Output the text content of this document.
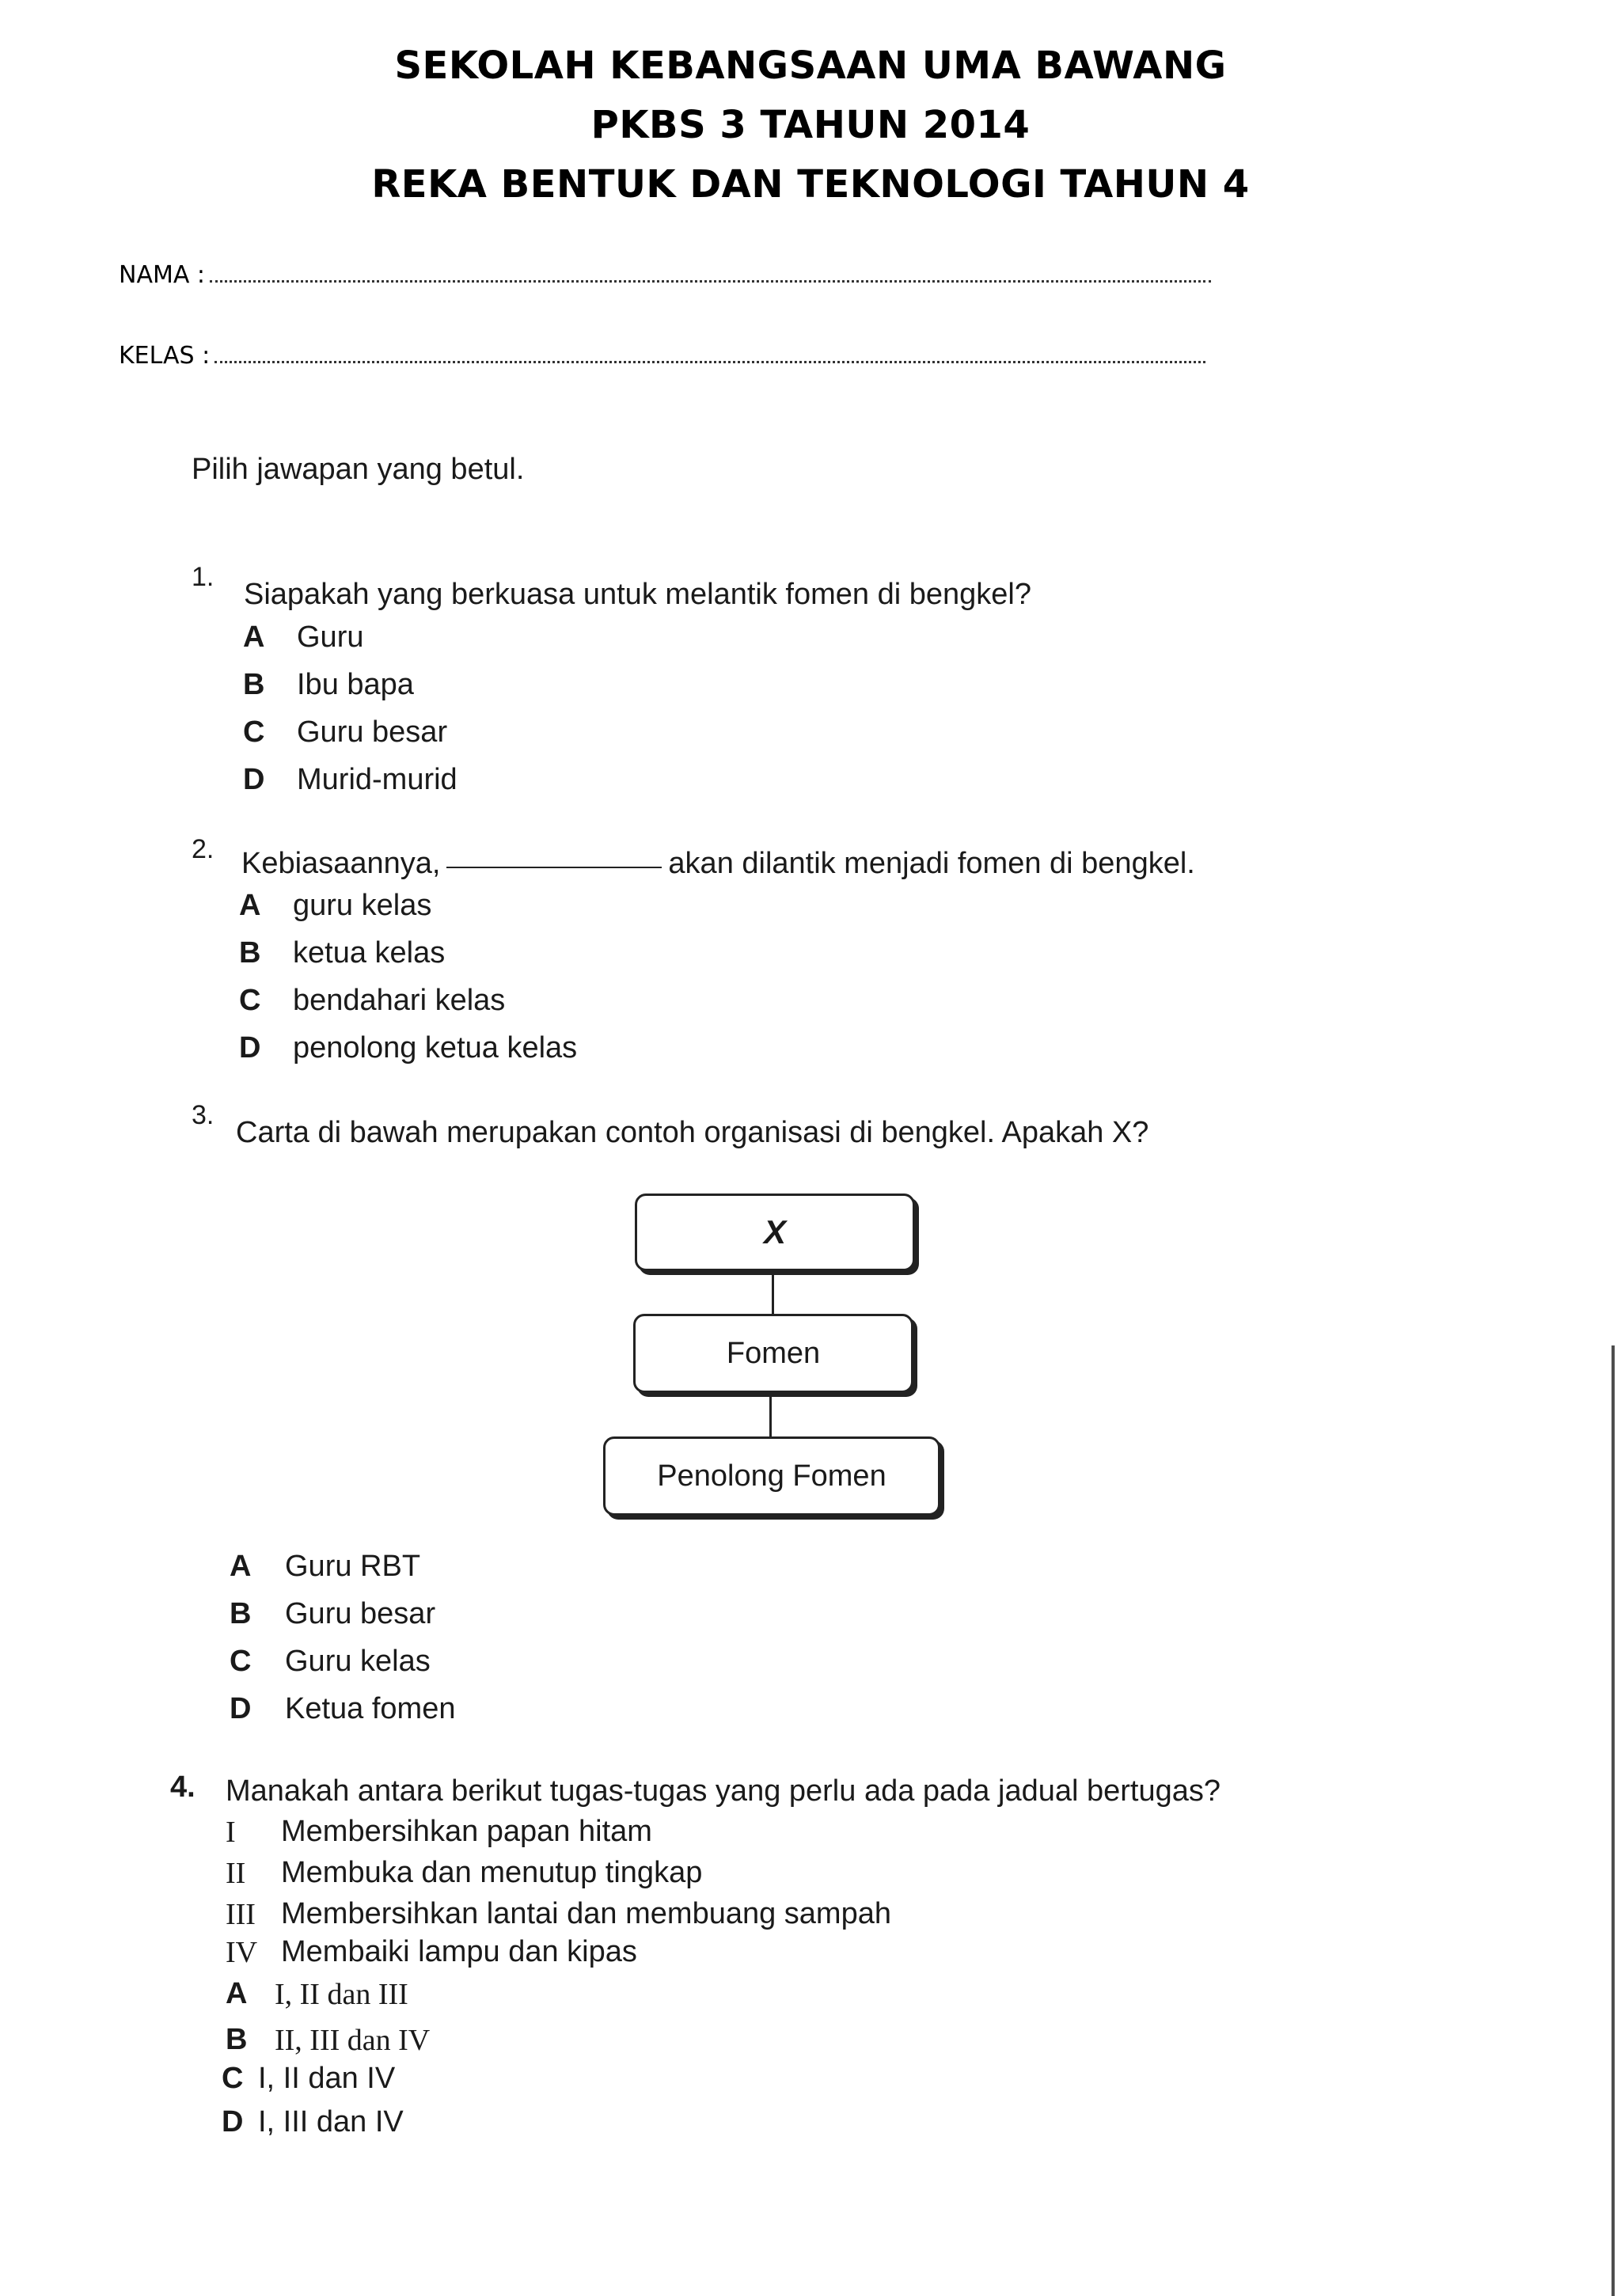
SEKOLAH KEBANGSAAN UMA BAWANG
PKBS 3 TAHUN 2014
REKA BENTUK DAN TEKNOLOGI TAHUN 4
NAMA :
KELAS :
Pilih jawapan yang betul.
1.
Siapakah yang berkuasa untuk melantik fomen di bengkel?
A Guru
B Ibu bapa
C Guru besar
D Murid-murid
2. Kebiasaannya,	akan dilantik menjadi fomen di bengkel.
A guru kelas
B ketua kelas
C bendahari kelas
D penolong ketua kelas
3.
Carta di bawah merupakan contoh organisasi di bengkel. Apakah X?
X
Fomen
Penolong Fomen
A Guru RBT
B Guru besar
C Guru kelas
D Ketua fomen
4. Manakah antara berikut tugas-tugas yang perlu ada pada jadual bertugas?
I Membersihkan papan hitam
II Membuka dan menutup tingkap
III Membersihkan lantai dan membuang sampah
IV Membaiki lampu dan kipas
A I, II dan III
B II, III dan IV
C I, II dan IV
D I, III dan IV
